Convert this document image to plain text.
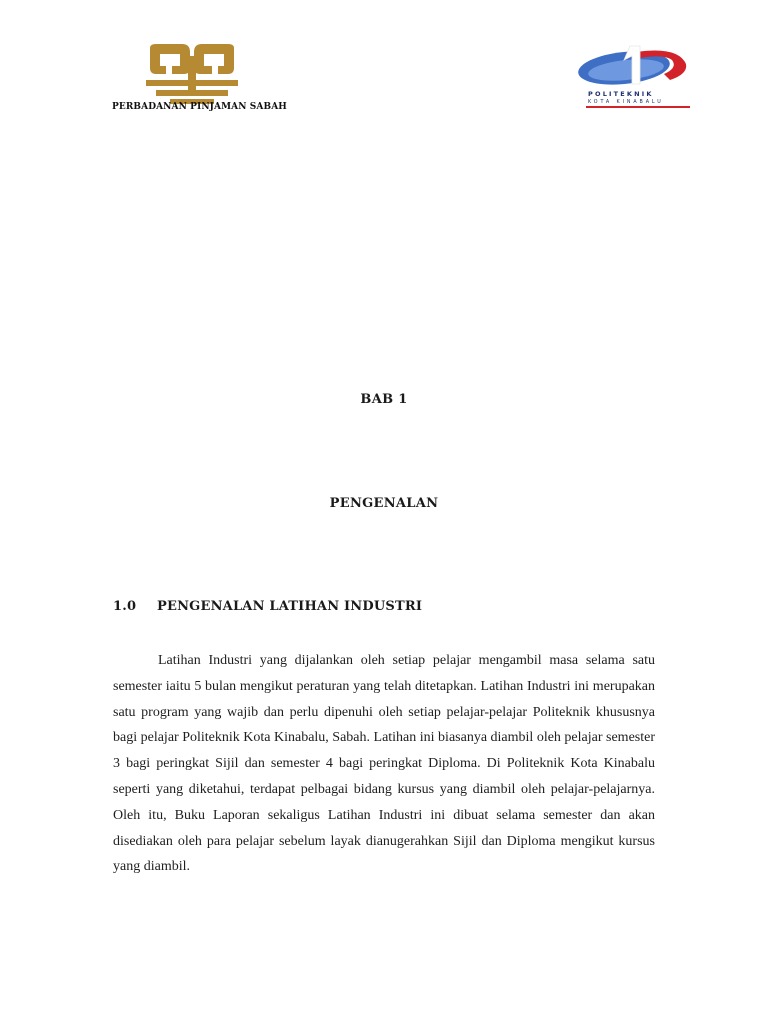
PERBADANAN PINJAMAN SABAH
POLITEKNIK
KOTA KINABALU
BAB 1
PENGENALAN
1.0 PENGENALAN LATIHAN INDUSTRI

Latihan Industri yang dijalankan oleh setiap pelajar mengambil masa selama satu semester iaitu 5 bulan mengikut peraturan yang telah ditetapkan. Latihan Industri ini merupakan satu program yang wajib dan perlu dipenuhi oleh setiap pelajar-pelajar Politeknik khususnya bagi pelajar Politeknik Kota Kinabalu, Sabah. Latihan ini biasanya diambil oleh pelajar semester 3 bagi peringkat Sijil dan semester 4 bagi peringkat Diploma. Di Politeknik Kota Kinabalu seperti yang diketahui, terdapat pelbagai bidang kursus yang diambil oleh pelajar-pelajarnya. Oleh itu, Buku Laporan sekaligus Latihan Industri ini dibuat selama semester dan akan disediakan oleh para pelajar sebelum layak dianugerahkan Sijil dan Diploma mengikut kursus yang diambil.
